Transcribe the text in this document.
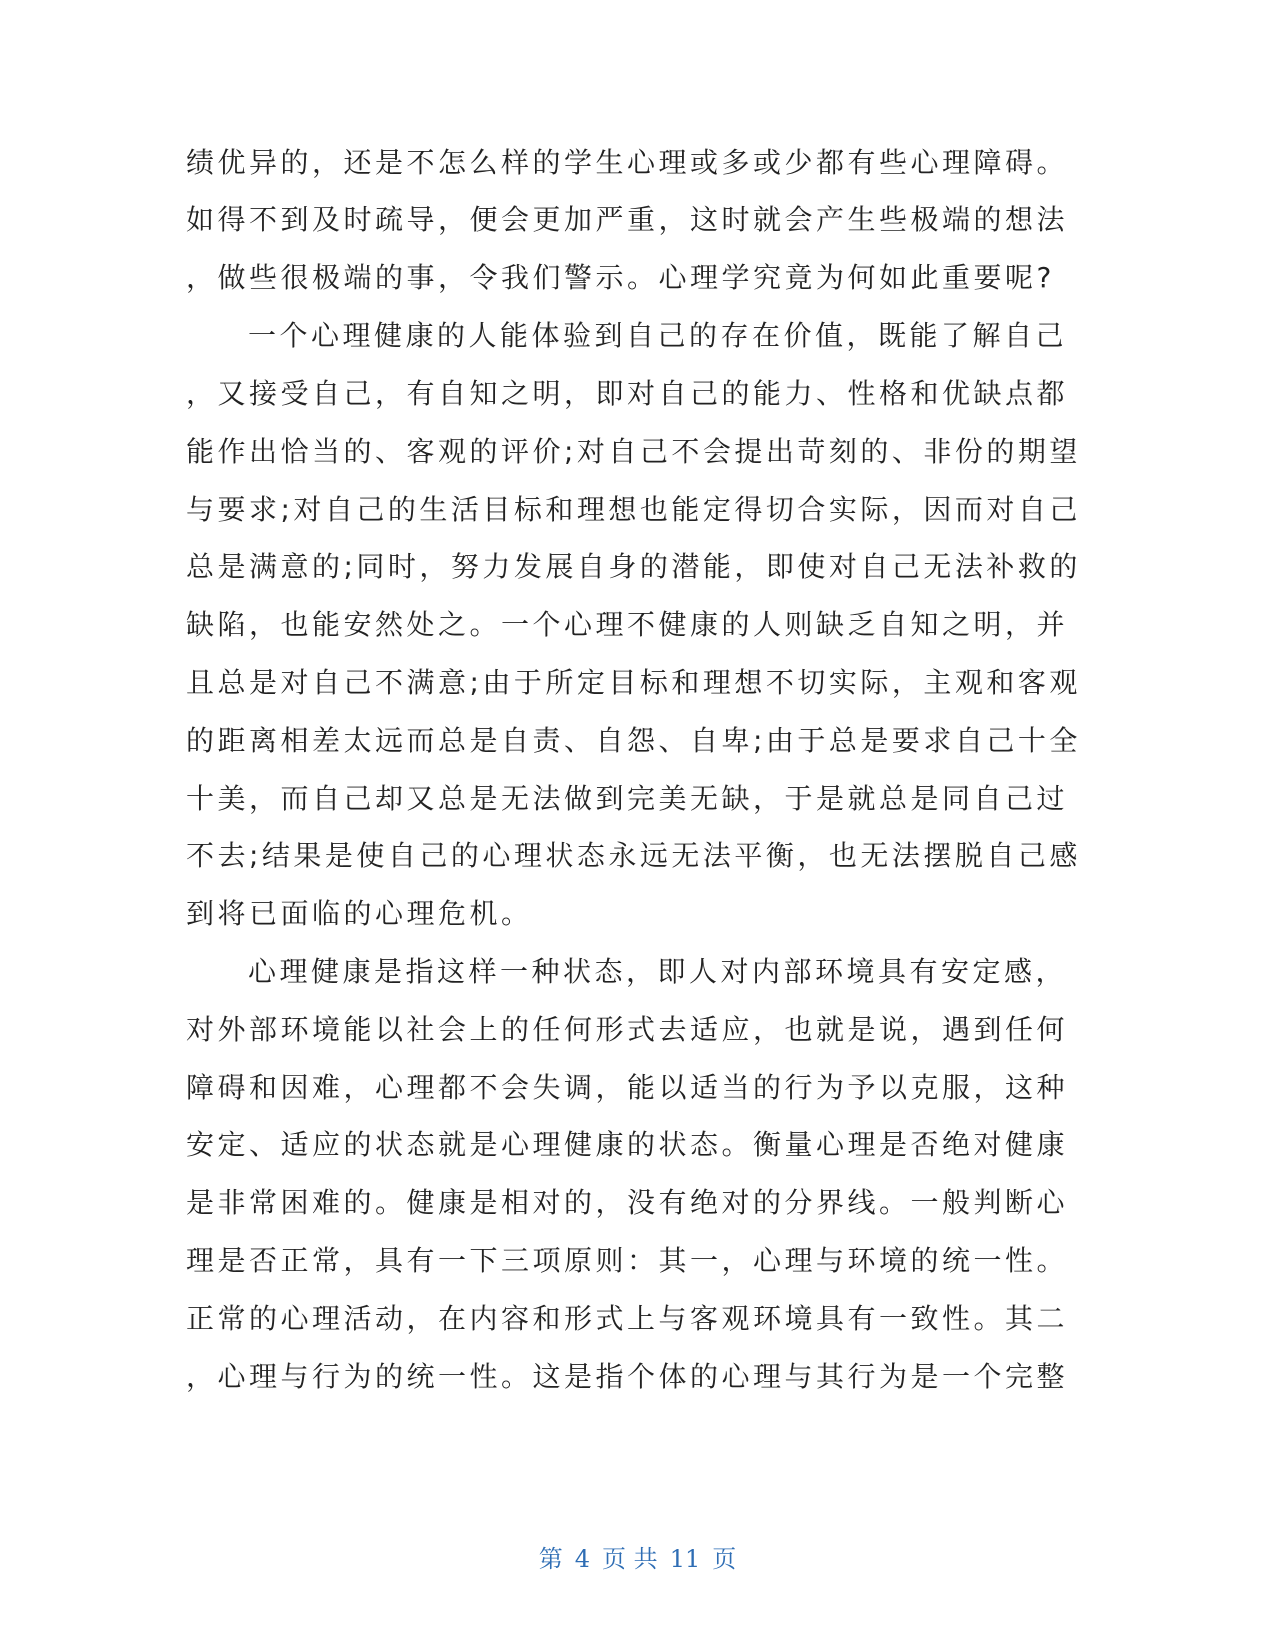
绩优异的，还是不怎么样的学生心理或多或少都有些心理障碍。
如得不到及时疏导，便会更加严重，这时就会产生些极端的想法
，做些很极端的事，令我们警示。心理学究竟为何如此重要呢?
一个心理健康的人能体验到自己的存在价值，既能了解自己
，又接受自己，有自知之明，即对自己的能力、性格和优缺点都
能作出恰当的、客观的评价;对自己不会提出苛刻的、非份的期望
与要求;对自己的生活目标和理想也能定得切合实际，因而对自己
总是满意的;同时，努力发展自身的潜能，即使对自己无法补救的
缺陷，也能安然处之。一个心理不健康的人则缺乏自知之明，并
且总是对自己不满意;由于所定目标和理想不切实际，主观和客观
的距离相差太远而总是自责、自怨、自卑;由于总是要求自己十全
十美，而自己却又总是无法做到完美无缺，于是就总是同自己过
不去;结果是使自己的心理状态永远无法平衡，也无法摆脱自己感
到将已面临的心理危机。
心理健康是指这样一种状态，即人对内部环境具有安定感，
对外部环境能以社会上的任何形式去适应，也就是说，遇到任何
障碍和因难，心理都不会失调，能以适当的行为予以克服，这种
安定、适应的状态就是心理健康的状态。衡量心理是否绝对健康
是非常困难的。健康是相对的，没有绝对的分界线。一般判断心
理是否正常，具有一下三项原则：其一，心理与环境的统一性。
正常的心理活动，在内容和形式上与客观环境具有一致性。其二
，心理与行为的统一性。这是指个体的心理与其行为是一个完整
第 4 页 共 11 页
